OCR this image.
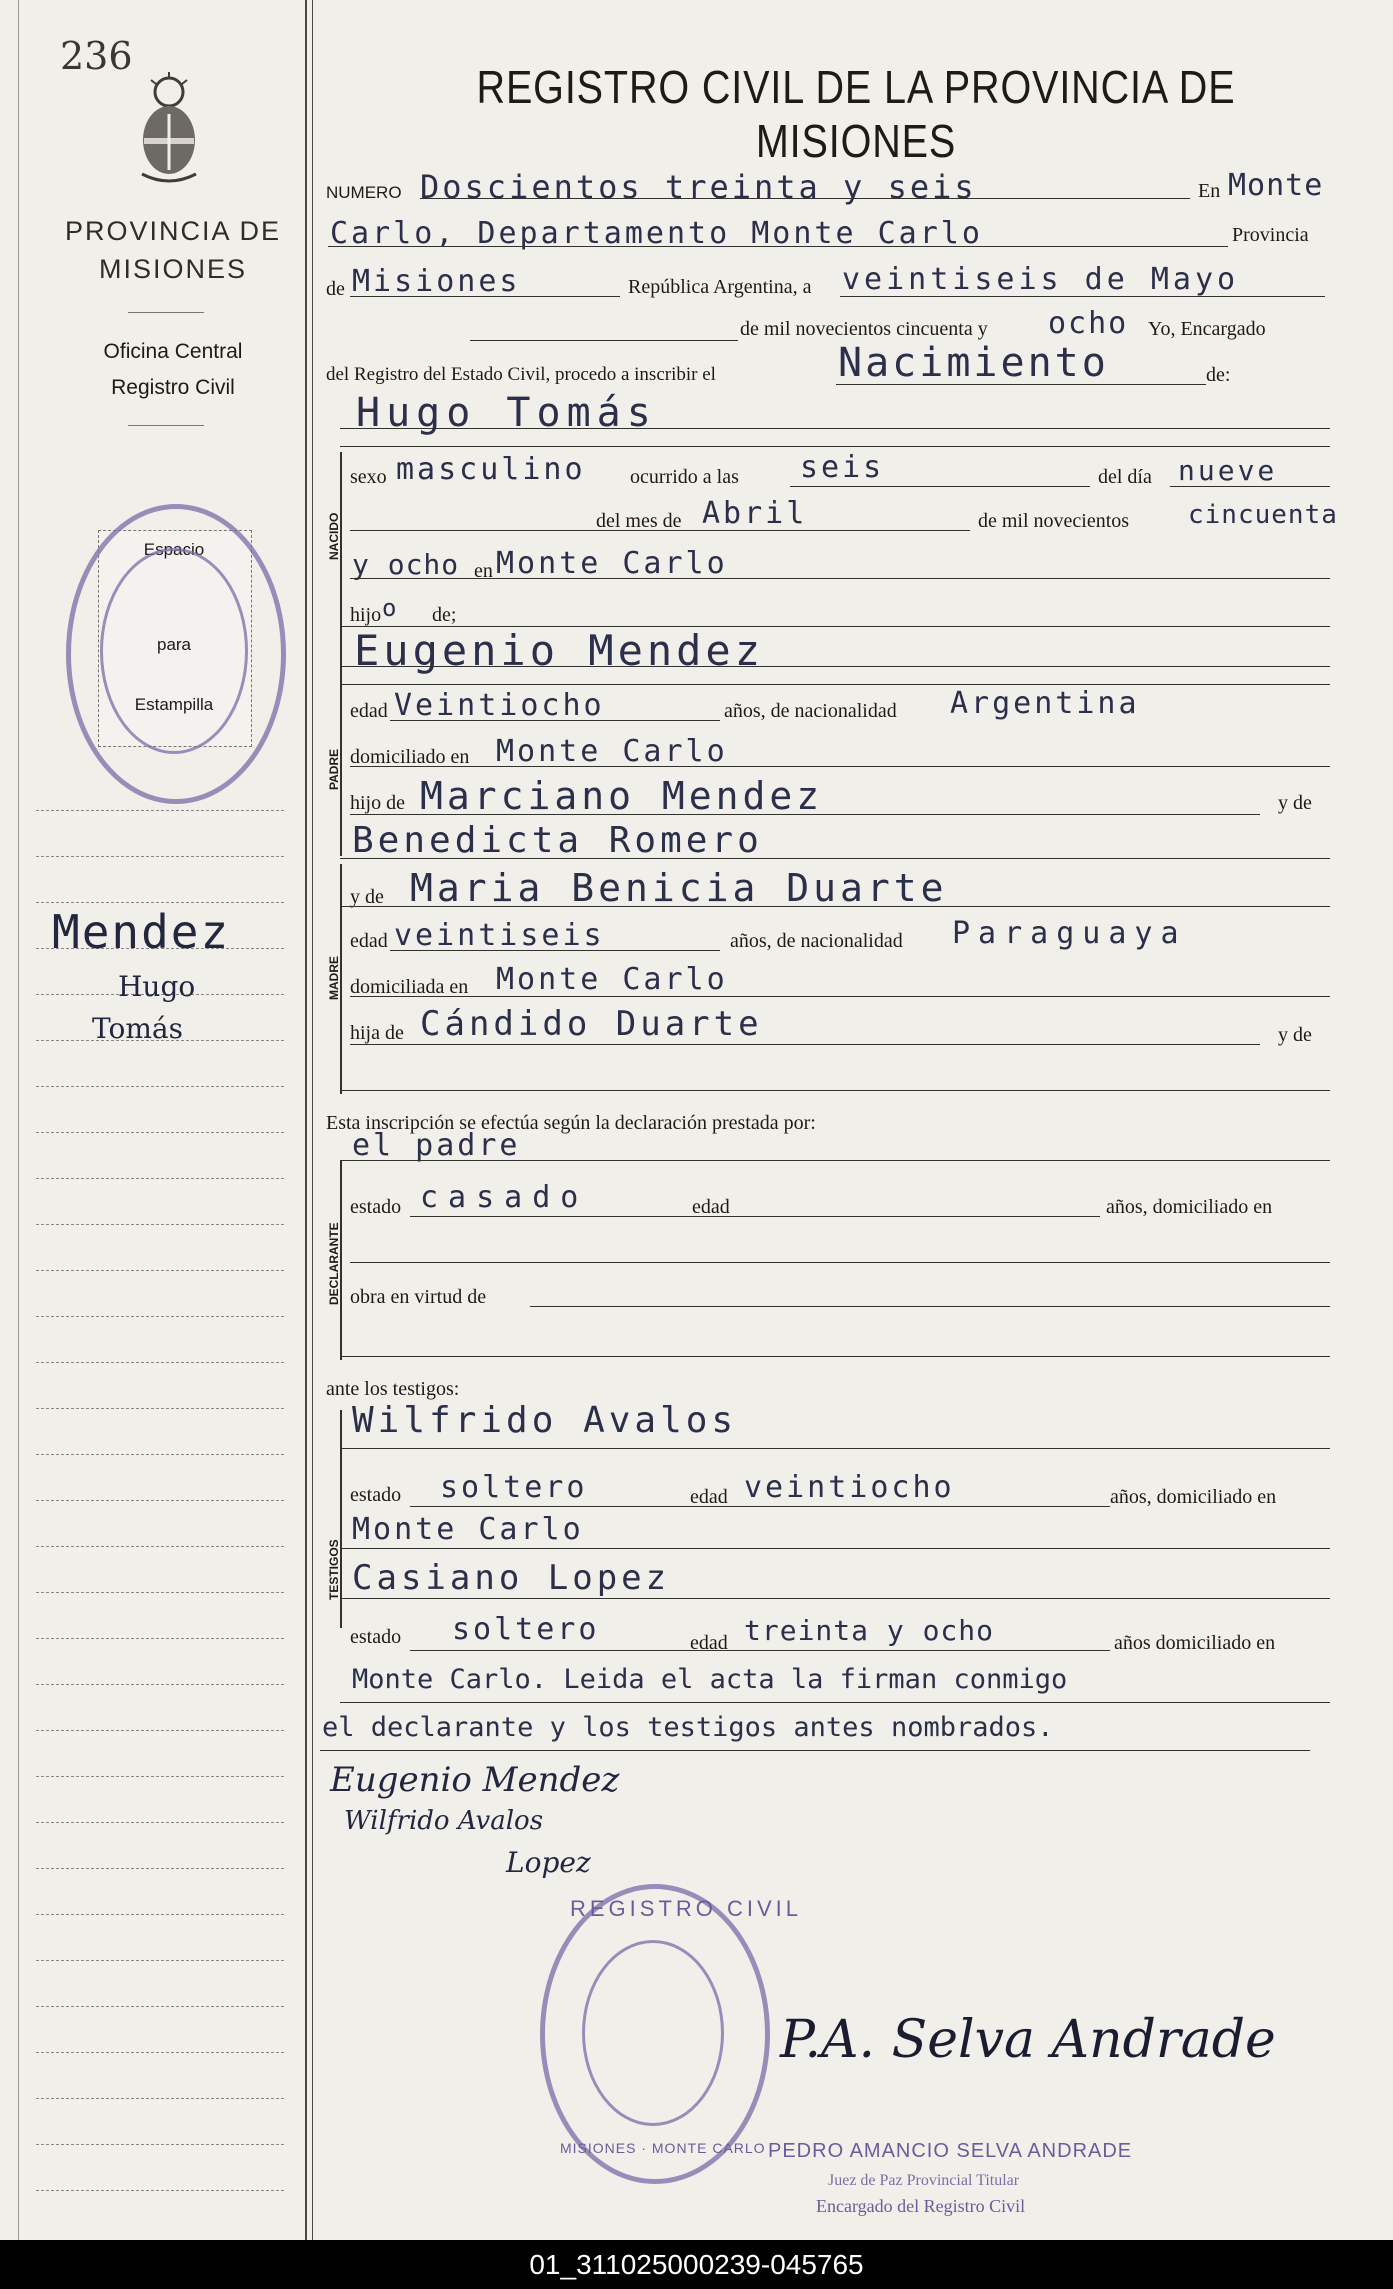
236
PROVINCIA DE MISIONES
Oficina Central
Registro Civil
Espacio
para
Estampilla
Mendez
Hugo
Tomás
REGISTRO CIVIL DE LA PROVINCIA DE MISIONES
NUMERO Doscientos treinta y seis	En Monte
Carlo, Departamento Monte Carlo	Provincia
de Misiones	República Argentina, a veintiseis de Mayo
de mil novecientos cincuenta y ocho Yo, Encargado
del Registro del Estado Civil, procedo a inscribir el	Nacimiento	de:
NACIDO
Hugo Tomás
sexo masculino ocurrido a las seis	del día nueve
del mes de Abril	de mil novecientos cincuenta
y ocho en Monte Carlo
hijo o de;
PADRE
Eugenio Mendez
edad Veintiocho	años, de nacionalidad Argentina
domiciliado en Monte Carlo
hijo de Marciano Mendez	y de
Benedicta Romero
MADRE
y de Maria Benicia Duarte
edad veintiseis	años, de nacionalidad Paraguaya
domiciliada en Monte Carlo
hija de Cándido Duarte	y de
Esta inscripción se efectúa según la declaración prestada por:
DECLARANTE
el padre
estado casado	edad	años, domiciliado en
obra en virtud de
ante los testigos:
TESTIGOS
Wilfrido Avalos
estado soltero	edad veintiocho	años, domiciliado en
Monte Carlo
Casiano Lopez
estado soltero	edad treinta y ocho	años domiciliado en
Monte Carlo. Leida el acta la firman conmigo
el declarante y los testigos antes nombrados.
Eugenio Mendez
Wilfrido Avalos
Lopez
REGISTRO CIVIL
MISIONES · MONTE CARLO
P.A. Selva Andrade
PEDRO AMANCIO SELVA ANDRADE
Juez de Paz Provincial Titular
Encargado del Registro Civil
01_311025000239-045765
